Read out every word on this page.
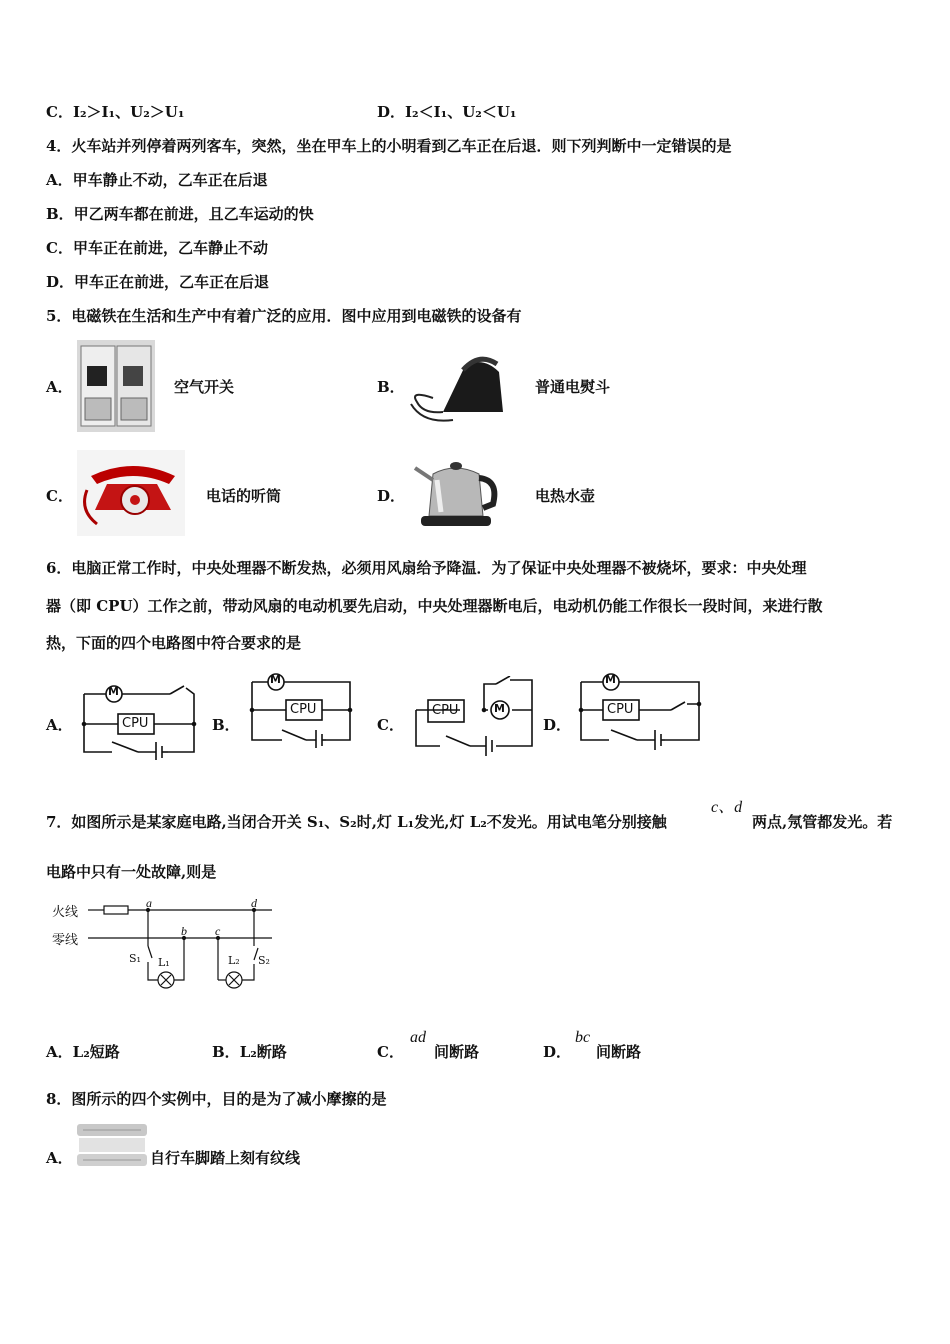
C．I₂＞I₁、U₂＞U₁	D．I₂＜I₁、U₂＜U₁
4．火车站并列停着两列客车，突然，坐在甲车上的小明看到乙车正在后退．则下列判断中一定错误的是
A．甲车静止不动，乙车正在后退
B．甲乙两车都在前进，且乙车运动的快
C．甲车正在前进，乙车静止不动
D．甲车正在前进，乙车正在后退
5．电磁铁在生活和生产中有着广泛的应用．图中应用到电磁铁的设备有
A．	空气开关	B．	普通电熨斗
C．	电话的听筒	D．	电热水壶
6．电脑正常工作时，中央处理器不断发热，必须用风扇给予降温．为了保证中央处理器不被烧坏，要求：中央处理
器（即 CPU）工作之前，带动风扇的电动机要先启动，中央处理器断电后，电动机仍能工作很长一段时间，来进行散
热，下面的四个电路图中符合要求的是
A．
M
CPU	B．
M
CPU
C．
CPU	M
D．
M
CPU
7．如图所示是某家庭电路,当闭合开关 S₁、S₂时,灯 L₁发光,灯 L₂不发光。用试电笔分别接触
c、d
两点,氖管都发光。若
电路中只有一处故障,则是
火线
零线
a
b c
d
S₁ L₁	L₂ S₂
A．L₂短路	B．L₂断路	C．
ad
间断路	D．
bc
间断路
8．图所示的四个实例中，目的是为了减小摩擦的是
A．	自行车脚踏上刻有纹线
